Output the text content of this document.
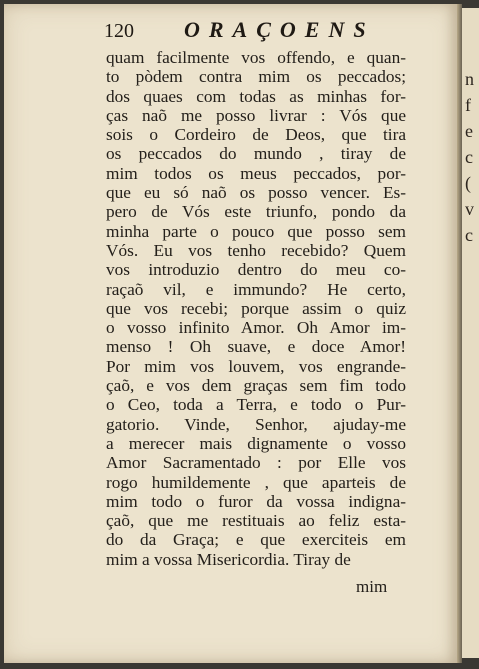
n
f
e
c
(
v
c
120 ORAÇOENS
quam facilmente vos offendo, e quan-
to pòdem contra mim os peccados;
dos quaes com todas as minhas for-
ças naõ me posso livrar : Vós que
sois o Cordeiro de Deos, que tira
os peccados do mundo , tiray de
mim todos os meus peccados, por-
que eu só naõ os posso vencer. Es-
pero de Vós este triunfo, pondo da
minha parte o pouco que posso sem
Vós. Eu vos tenho recebido? Quem
vos introduzio dentro do meu co-
raçaõ vil, e immundo? He certo,
que vos recebi; porque assim o quiz
o vosso infinito Amor. Oh Amor im-
menso ! Oh suave, e doce Amor!
Por mim vos louvem, vos engrande-
çaõ, e vos dem graças sem fim todo
o Ceo, toda a Terra, e todo o Pur-
gatorio. Vinde, Senhor, ajuday-me
a merecer mais dignamente o vosso
Amor Sacramentado : por Elle vos
rogo humildemente , que aparteis de
mim todo o furor da vossa indigna-
çaõ, que me restituais ao feliz esta-
do da Graça; e que exerciteis em
mim a vossa Misericordia. Tiray de
mim
